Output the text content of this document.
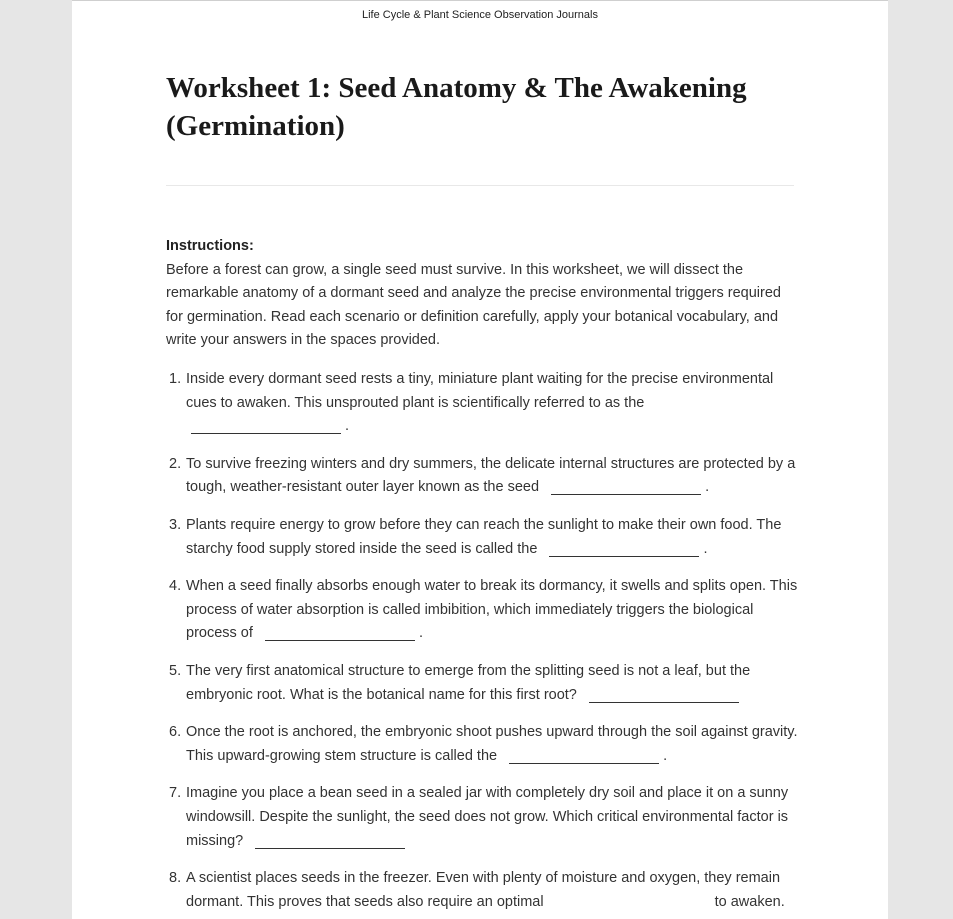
Life Cycle & Plant Science Observation Journals
Worksheet 1: Seed Anatomy & The Awakening
(Germination)
Instructions:
Before a forest can grow, a single seed must survive. In this worksheet, we will dissect the remarkable anatomy of a dormant seed and analyze the precise environmental triggers required for germination. Read each scenario or definition carefully, apply your botanical vocabulary, and write your answers in the spaces provided.
1. Inside every dormant seed rests a tiny, miniature plant waiting for the precise environmental cues to awaken. This unsprouted plant is scientifically referred to as the
.
2. To survive freezing winters and dry summers, the delicate internal structures are protected by a tough, weather-resistant outer layer known as the seed	.
3. Plants require energy to grow before they can reach the sunlight to make their own food. The starchy food supply stored inside the seed is called the	.
4. When a seed finally absorbs enough water to break its dormancy, it swells and splits open. This process of water absorption is called imbibition, which immediately triggers the biological process of	.
5. The very first anatomical structure to emerge from the splitting seed is not a leaf, but the embryonic root. What is the botanical name for this first root?
6. Once the root is anchored, the embryonic shoot pushes upward through the soil against gravity. This upward-growing stem structure is called the	.
7. Imagine you place a bean seed in a sealed jar with completely dry soil and place it on a sunny windowsill. Despite the sunlight, the seed does not grow. Which critical environmental factor is missing?
8. A scientist places seeds in the freezer. Even with plenty of moisture and oxygen, they remain dormant. This proves that seeds also require an optimal	to awaken.
